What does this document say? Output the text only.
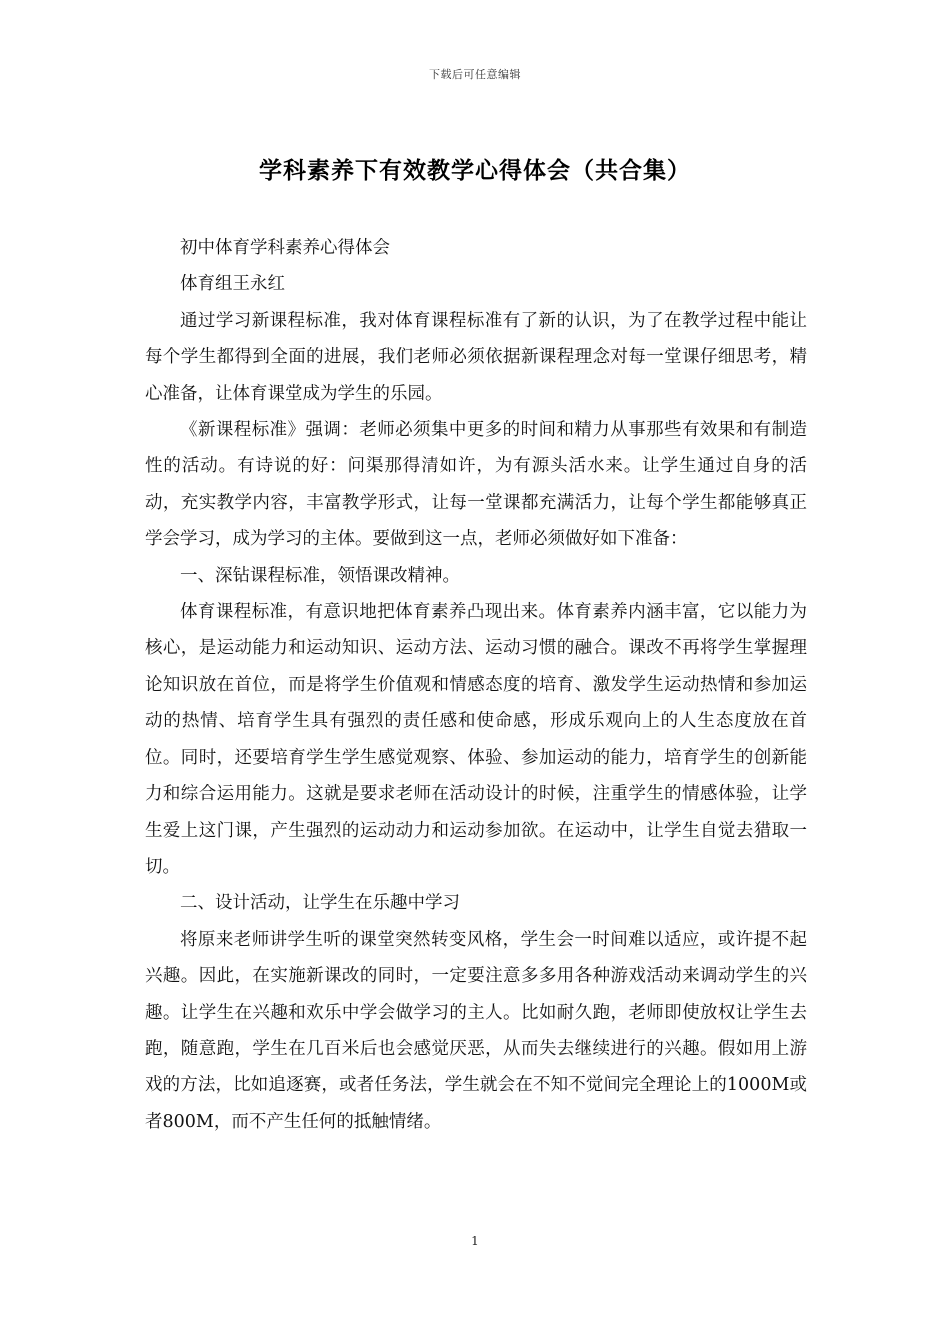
下载后可任意编辑
学科素养下有效教学心得体会（共合集）

初中体育学科素养心得体会

体育组王永红

通过学习新课程标准，我对体育课程标准有了新的认识，为了在教学过程中能让每个学生都得到全面的进展，我们老师必须依据新课程理念对每一堂课仔细思考，精心准备，让体育课堂成为学生的乐园。

《新课程标准》强调：老师必须集中更多的时间和精力从事那些有效果和有制造性的活动。有诗说的好：问渠那得清如许，为有源头活水来。让学生通过自身的活动，充实教学内容，丰富教学形式，让每一堂课都充满活力，让每个学生都能够真正学会学习，成为学习的主体。要做到这一点，老师必须做好如下准备：

一、深钻课程标准，领悟课改精神。

体育课程标准，有意识地把体育素养凸现出来。体育素养内涵丰富，它以能力为核心，是运动能力和运动知识、运动方法、运动习惯的融合。课改不再将学生掌握理论知识放在首位，而是将学生价值观和情感态度的培育、激发学生运动热情和参加运动的热情、培育学生具有强烈的责任感和使命感，形成乐观向上的人生态度放在首位。同时，还要培育学生学生感觉观察、体验、参加运动的能力，培育学生的创新能力和综合运用能力。这就是要求老师在活动设计的时候，注重学生的情感体验，让学生爱上这门课，产生强烈的运动动力和运动参加欲。在运动中，让学生自觉去猎取一切。

二、设计活动，让学生在乐趣中学习

将原来老师讲学生听的课堂突然转变风格，学生会一时间难以适应，或许提不起兴趣。因此，在实施新课改的同时，一定要注意多多用各种游戏活动来调动学生的兴趣。让学生在兴趣和欢乐中学会做学习的主人。比如耐久跑，老师即使放权让学生去跑，随意跑，学生在几百米后也会感觉厌恶，从而失去继续进行的兴趣。假如用上游戏的方法，比如追逐赛，或者任务法，学生就会在不知不觉间完全理论上的1000M或者800M，而不产生任何的抵触情绪。

1
